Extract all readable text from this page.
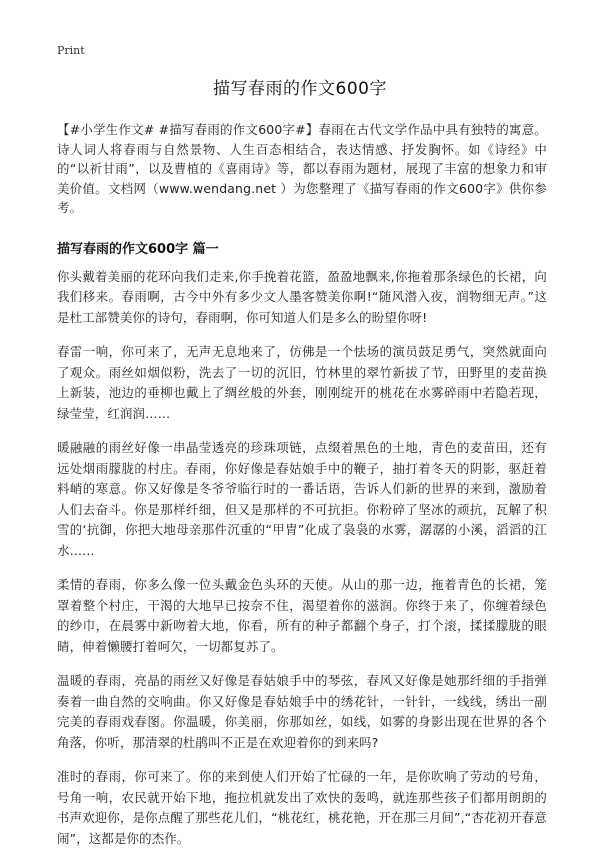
Print
描写春雨的作文600字

【#小学生作文# #描写春雨的作文600字#】春雨在古代文学作品中具有独特的寓意。诗人词人将春雨与自然景物、人生百态相结合，表达情感、抒发胸怀。如《诗经》中的“以祈甘雨”，以及曹植的《喜雨诗》等，都以春雨为题材，展现了丰富的想象力和审美价值。文档网（www.wendang.net ）为您整理了《描写春雨的作文600字》供你参考。

描写春雨的作文600字 篇一

你头戴着美丽的花环向我们走来,你手挽着花篮，盈盈地飘来,你拖着那条绿色的长裙，向我们移来。春雨啊，古今中外有多少文人墨客赞美你啊!“随风潜入夜，润物细无声。”这是杜工部赞美你的诗句，春雨啊，你可知道人们是多么的盼望你呀!

春雷一响，你可来了，无声无息地来了，仿佛是一个怯场的演员鼓足勇气，突然就面向了观众。雨丝如烟似粉，洗去了一切的沉旧，竹林里的翠竹新拔了节，田野里的麦苗换上新装，池边的垂柳也戴上了绸丝般的外套，刚刚绽开的桃花在水雾碎雨中若隐若现，绿莹莹，红润润……

暖融融的雨丝好像一串晶莹透亮的珍珠项链，点缀着黑色的土地，青色的麦苗田，还有远处烟雨朦胧的村庄。春雨，你好像是春姑娘手中的鞭子，抽打着冬天的阴影，驱赶着料峭的寒意。你又好像是冬爷爷临行时的一番话语，告诉人们新的世界的来到，激励着人们去奋斗。你是那样纤细，但又是那样的不可抗拒。你粉碎了坚冰的顽抗，瓦解了积雪的‘抗御，你把大地母亲那件沉重的“甲胄”化成了袅袅的水雾，潺潺的小溪，滔滔的江水……

柔情的春雨，你多么像一位头戴金色头环的天使。从山的那一边，拖着青色的长裙，笼罩着整个村庄，干渴的大地早已按奈不住，渴望着你的滋润。你终于来了，你缠着绿色的纱巾，在晨雾中新吻着大地，你看，所有的种子都翻个身子，打个滚，揉揉朦胧的眼睛，伸着懒腰打着呵欠，一切都复苏了。

温暖的春雨，亮晶的雨丝又好像是春姑娘手中的琴弦，春风又好像是她那纤细的手指弹奏着一曲自然的交响曲。你又好像是春姑娘手中的绣花针，一针针，一线线，绣出一副完美的春雨戏春图。你温暖，你美丽，你那如丝，如线，如雾的身影出现在世界的各个角落，你听，那清翠的杜鹃叫不正是在欢迎着你的到来吗?

准时的春雨，你可来了。你的来到使人们开始了忙碌的一年，是你吹响了劳动的号角，号角一响，农民就开始下地，拖拉机就发出了欢快的轰鸣，就连那些孩子们都用朗朗的书声欢迎你，是你点醒了那些花儿们，“桃花红，桃花艳，开在那三月间”,“杏花初开春意闹”，这都是你的杰作。
